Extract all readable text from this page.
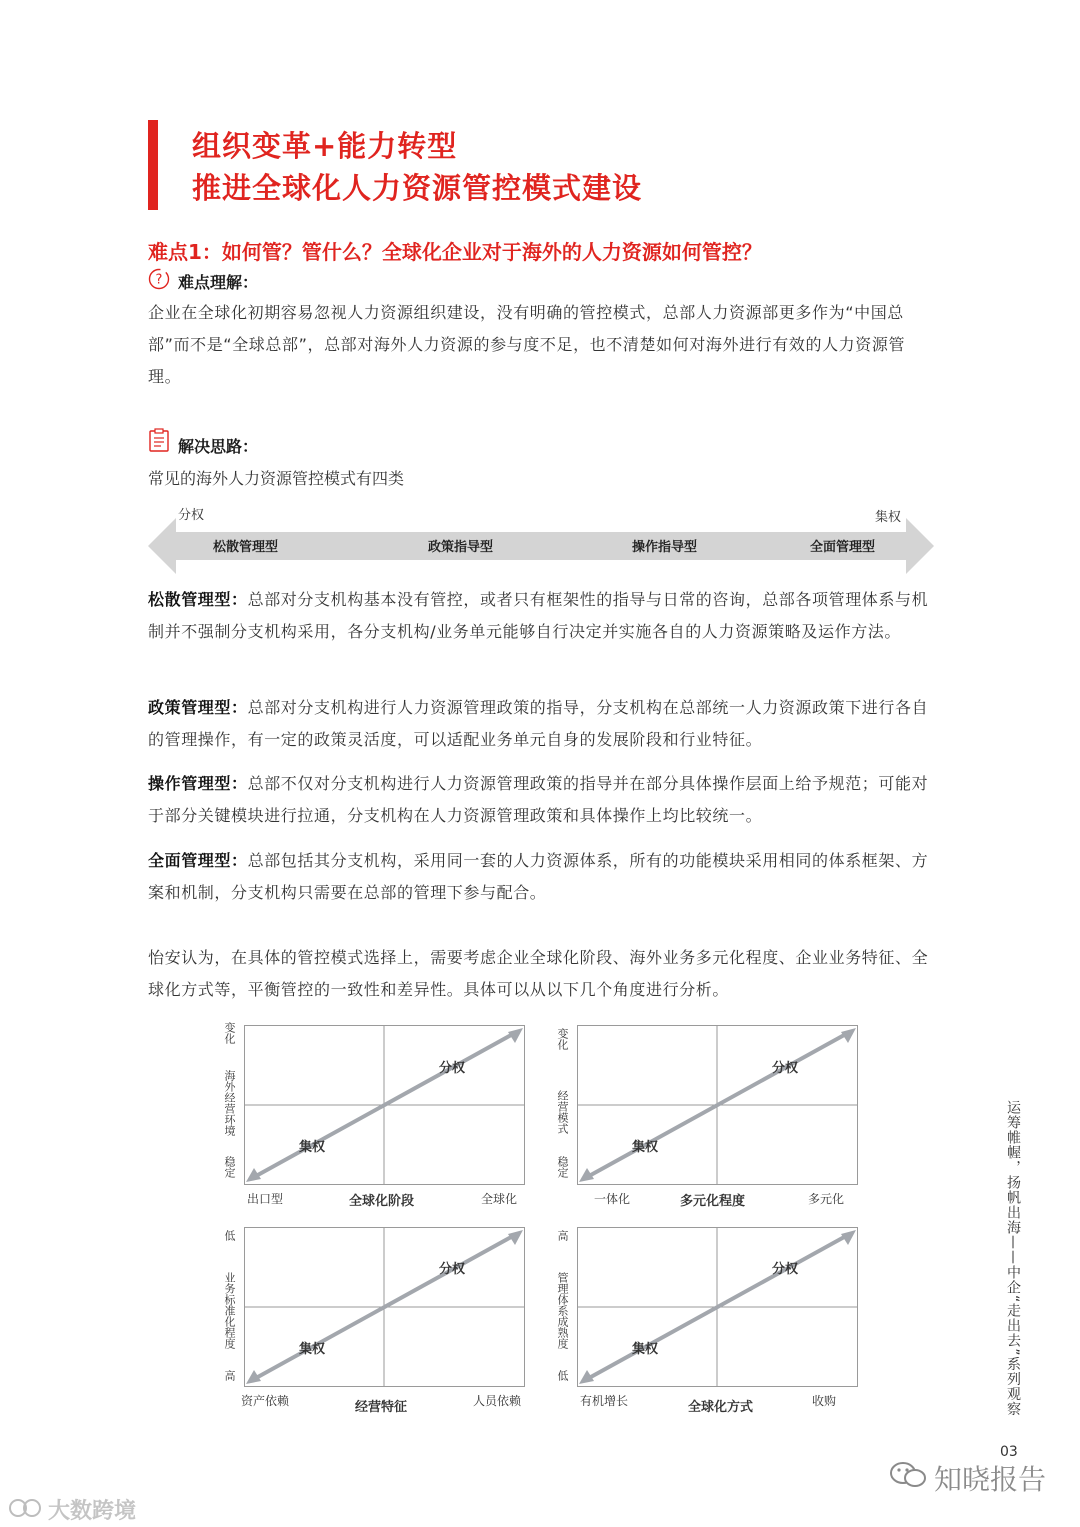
组织变革+能力转型
推进全球化人力资源管控模式建设
难点1：如何管？管什么？全球化企业对于海外的人力资源如何管控？
? 难点理解：
企业在全球化初期容易忽视人力资源组织建设，没有明确的管控模式，总部人力资源部更多作为“中国总部”而不是“全球总部”，总部对海外人力资源的参与度不足，也不清楚如何对海外进行有效的人力资源管理。
解决思路：
常见的海外人力资源管控模式有四类
分权	集权
松散管理型	政策指导型	操作指导型	全面管理型
松散管理型：总部对分支机构基本没有管控，或者只有框架性的指导与日常的咨询，总部各项管理体系与机制并不强制分支机构采用，各分支机构/业务单元能够自行决定并实施各自的人力资源策略及运作方法。
政策管理型：总部对分支机构进行人力资源管理政策的指导，分支机构在总部统一人力资源政策下进行各自的管理操作，有一定的政策灵活度，可以适配业务单元自身的发展阶段和行业特征。
操作管理型：总部不仅对分支机构进行人力资源管理政策的指导并在部分具体操作层面上给予规范；可能对于部分关键模块进行拉通，分支机构在人力资源管理政策和具体操作上均比较统一。
全面管理型：总部包括其分支机构，采用同一套的人力资源体系，所有的功能模块采用相同的体系框架、方案和机制，分支机构只需要在总部的管理下参与配合。
怡安认为，在具体的管控模式选择上，需要考虑企业全球化阶段、海外业务多元化程度、企业业务特征、全球化方式等，平衡管控的一致性和差异性。具体可以从以下几个角度进行分析。
分权
集权
变化
海外经营环境
稳定
出口型	全球化阶段	全球化
分权
集权
变化
经营模式
稳定
一体化	多元化程度	多元化
分权
集权
低
业务标准化程度
高
资产依赖	经营特征	人员依赖
分权
集权
高
管理体系成熟度
低
有机增长	全球化方式	收购	运筹帷幄，扬帆出海——中企“走出去”系列观察
03
知晓报告
大数跨境
